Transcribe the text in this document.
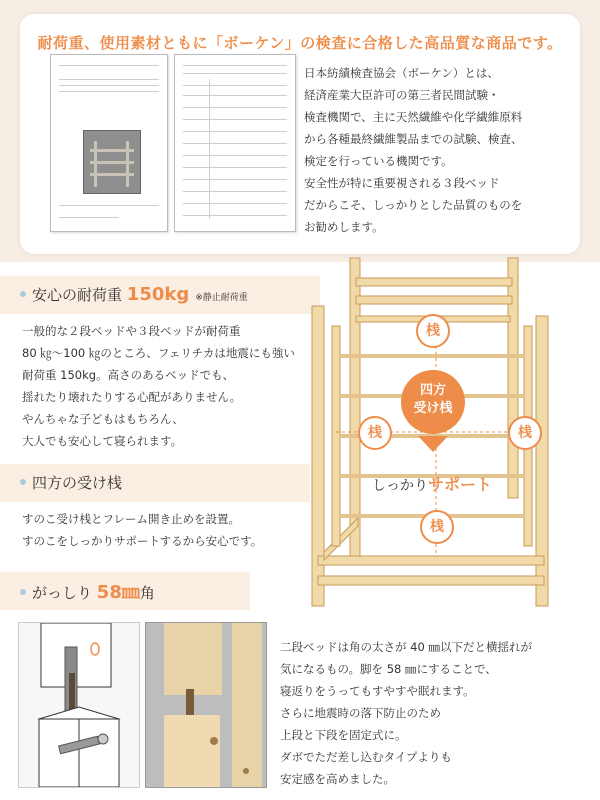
耐荷重、使用素材ともに「ボーケン」の検査に合格した高品質な商品です。
日本紡績検査協会（ボーケン）とは、
経済産業大臣許可の第三者民間試験・
検査機関で、主に天然繊維や化学繊維原料
から各種最終繊維製品までの試験、検査、
検定を行っている機関です。
安全性が特に重要視される３段ベッド
だからこそ、しっかりとした品質のものを
お勧めします。
安心の耐荷重 150kg ※静止耐荷重
一般的な２段ベッドや３段ベッドが耐荷重
80 ㎏～100 ㎏のところ、フェリチカは地震にも強い
耐荷重 150kg。高さのあるベッドでも、
揺れたり壊れたりする心配がありません。
やんちゃな子どもはもちろん、
大人でも安心して寝られます。
四方の受け桟
すのこ受け桟とフレーム開き止めを設置。
すのこをしっかりサポートするから安心です。
桟
四方
受け桟
桟	桟
しっかりサポート
桟
がっしり 58㎜角
二段ベッドは角の太さが 40 ㎜以下だと横揺れが
気になるもの。脚を 58 ㎜にすることで、
寝返りをうってもすやすや眠れます。
さらに地震時の落下防止のため
上段と下段を固定式に。
ダボでただ差し込むタイプよりも
安定感を高めました。
